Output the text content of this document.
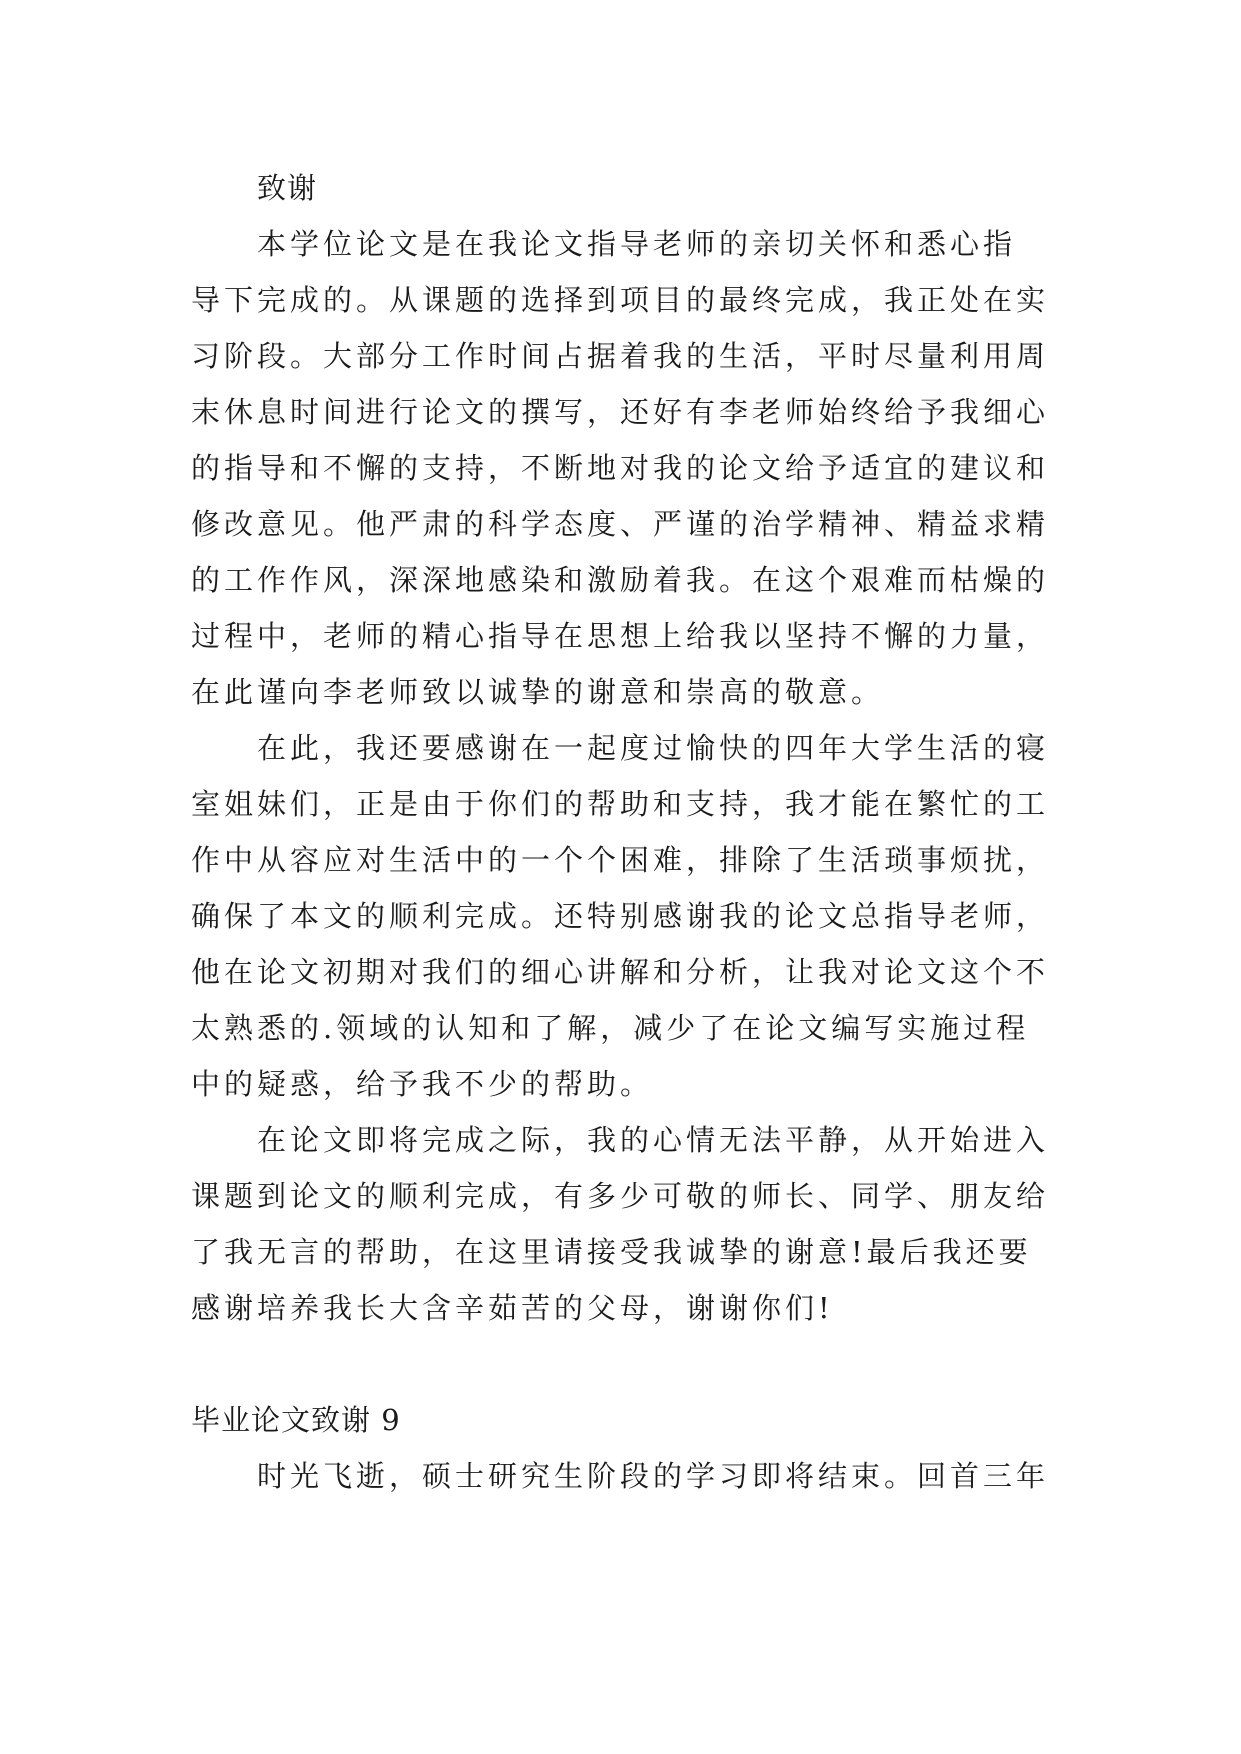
致谢

本学位论文是在我论文指导老师的亲切关怀和悉心指
导下完成的。从课题的选择到项目的最终完成，我正处在实
习阶段。大部分工作时间占据着我的生活，平时尽量利用周
末休息时间进行论文的撰写，还好有李老师始终给予我细心
的指导和不懈的支持，不断地对我的论文给予适宜的建议和
修改意见。他严肃的科学态度、严谨的治学精神、精益求精
的工作作风，深深地感染和激励着我。在这个艰难而枯燥的
过程中，老师的精心指导在思想上给我以坚持不懈的力量，
在此谨向李老师致以诚挚的谢意和崇高的敬意。

在此，我还要感谢在一起度过愉快的四年大学生活的寝
室姐妹们，正是由于你们的帮助和支持，我才能在繁忙的工
作中从容应对生活中的一个个困难，排除了生活琐事烦扰，
确保了本文的顺利完成。还特别感谢我的论文总指导老师，
他在论文初期对我们的细心讲解和分析，让我对论文这个不
太熟悉的.领域的认知和了解，减少了在论文编写实施过程
中的疑惑，给予我不少的帮助。

在论文即将完成之际，我的心情无法平静，从开始进入
课题到论文的顺利完成，有多少可敬的师长、同学、朋友给
了我无言的帮助，在这里请接受我诚挚的谢意!最后我还要
感谢培养我长大含辛茹苦的父母，谢谢你们!

毕业论文致谢 9

时光飞逝，硕士研究生阶段的学习即将结束。回首三年
